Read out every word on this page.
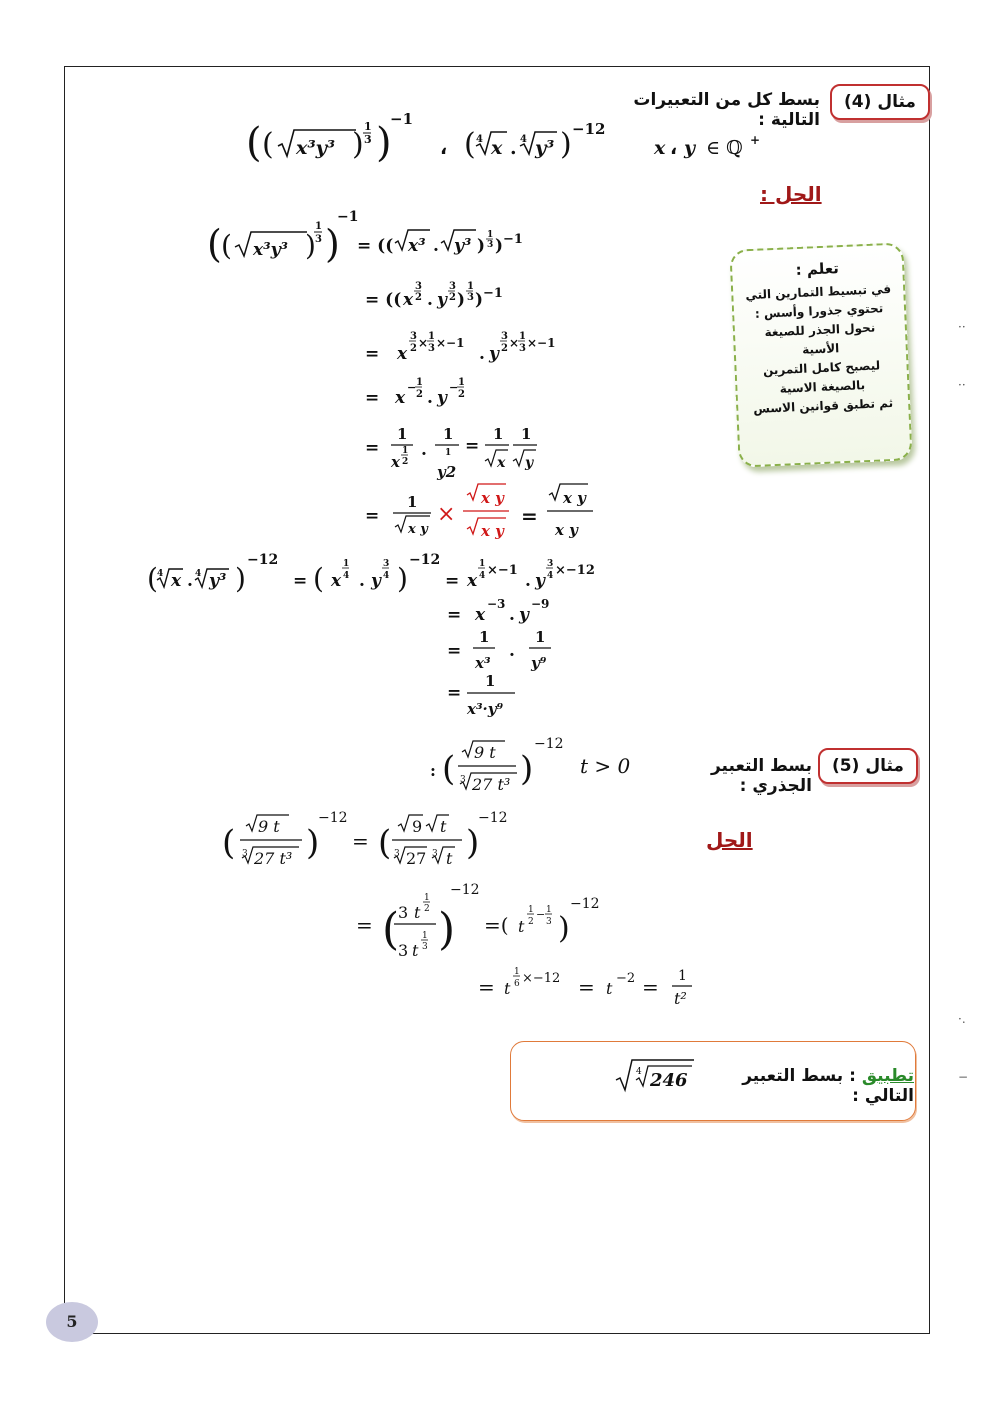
مثال (4)
بسط كل من التعبيرات التالية :
( ( x³y³ )
1
3 )
−1
، ( 4 x . 4 y³ ) −12
x ، y ∈ ℚ +
الحل :
تعلم :
في تبسيط التمارين التي
تحتوي جذورا وأسس :
نحول الجذر للصيغة
الأسية
ليصبح كامل التمرين
بالصيغة الاسية
ثم تطبق قوانين الاسس
( ( x³y³ )
1
3 )
−1
= (( x³ . y³ )
1
3 ) −1
= (( x
3
2 . y
3
2 )
1
3 ) −1
= x
3
2 × 1
3 ×−1
. y
3
2 × 1
3 ×−1
= x
− 1
2 . y
− 1
2
=
1
x
1
2
.
1
1
y2
=
1
x
1
y
=
1
x y
×
x y
x y
=
x y
x y
( 4 x . 4 y³ )
−12
= ( x
1
4 . y
3
4 )
−12
= x
1
4 ×−1
. y
3
4 ×−12
= x
−3
. y
−9
=
1
x³
.
1
y⁹
=
1
x³·y⁹
مثال (5)
بسط التعبير الجذري :
t > 0
: ( 9 t
3 27 t³ )
−12
الحل
( 9 t
3 27 t³ )
−12
= ( 9 t
3 27 3 t )
−12
= (
3 t
1
2
3 t
1
3 )
−12
=( t
1
2
− 1
3 )
−12
= t
1
6 ×−12 = t
−2 = 1
t²
تطبيق : بسط التعبير التالي :
4 246
5
··
··
·.
−
